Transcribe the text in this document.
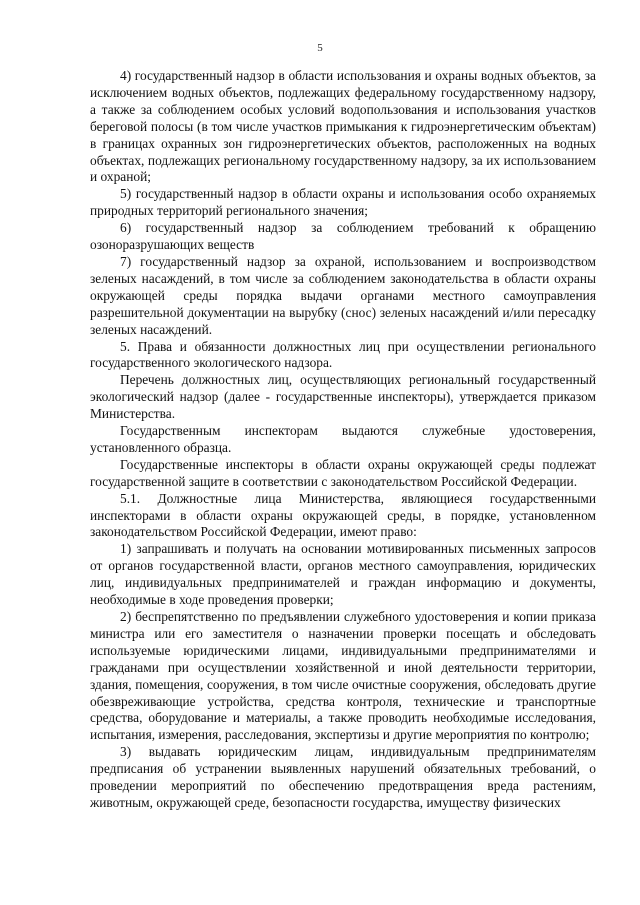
5

4) государственный надзор в области использования и охраны водных объектов, за исключением водных объектов, подлежащих федеральному государственному надзору, а также за соблюдением особых условий водопользования и использования участков береговой полосы (в том числе участков примыкания к гидроэнергетическим объектам) в границах охранных зон гидроэнергетических объектов, расположенных на водных объектах, подлежащих региональному государственному надзору, за их использованием и охраной;

5) государственный надзор в области охраны и использования особо охраняемых природных территорий регионального значения;

6) государственный надзор за соблюдением требований к обращению озоноразрушающих веществ

7) государственный надзор за охраной, использованием и воспроизводством зеленых насаждений, в том числе за соблюдением законодательства в области охраны окружающей среды порядка выдачи органами местного самоуправления разрешительной документации на вырубку (снос) зеленых насаждений и/или пересадку зеленых насаждений.

5. Права и обязанности должностных лиц при осуществлении регионального государственного экологического надзора.

Перечень должностных лиц, осуществляющих региональный государственный экологический надзор (далее - государственные инспекторы), утверждается приказом Министерства.

Государственным инспекторам выдаются служебные удостоверения, установленного образца.

Государственные инспекторы в области охраны окружающей среды подлежат государственной защите в соответствии с законодательством Российской Федерации.

5.1. Должностные лица Министерства, являющиеся государственными инспекторами в области охраны окружающей среды, в порядке, установленном законодательством Российской Федерации, имеют право:

1) запрашивать и получать на основании мотивированных письменных запросов от органов государственной власти, органов местного самоуправления, юридических лиц, индивидуальных предпринимателей и граждан информацию и документы, необходимые в ходе проведения проверки;

2) беспрепятственно по предъявлении служебного удостоверения и копии приказа министра или его заместителя о назначении проверки посещать и обследовать используемые юридическими лицами, индивидуальными предпринимателями и гражданами при осуществлении хозяйственной и иной деятельности территории, здания, помещения, сооружения, в том числе очистные сооружения, обследовать другие обезвреживающие устройства, средства контроля, технические и транспортные средства, оборудование и материалы, а также проводить необходимые исследования, испытания, измерения, расследования, экспертизы и другие мероприятия по контролю;

3) выдавать юридическим лицам, индивидуальным предпринимателям предписания об устранении выявленных нарушений обязательных требований, о проведении мероприятий по обеспечению предотвращения вреда растениям, животным, окружающей среде, безопасности государства, имуществу физических
